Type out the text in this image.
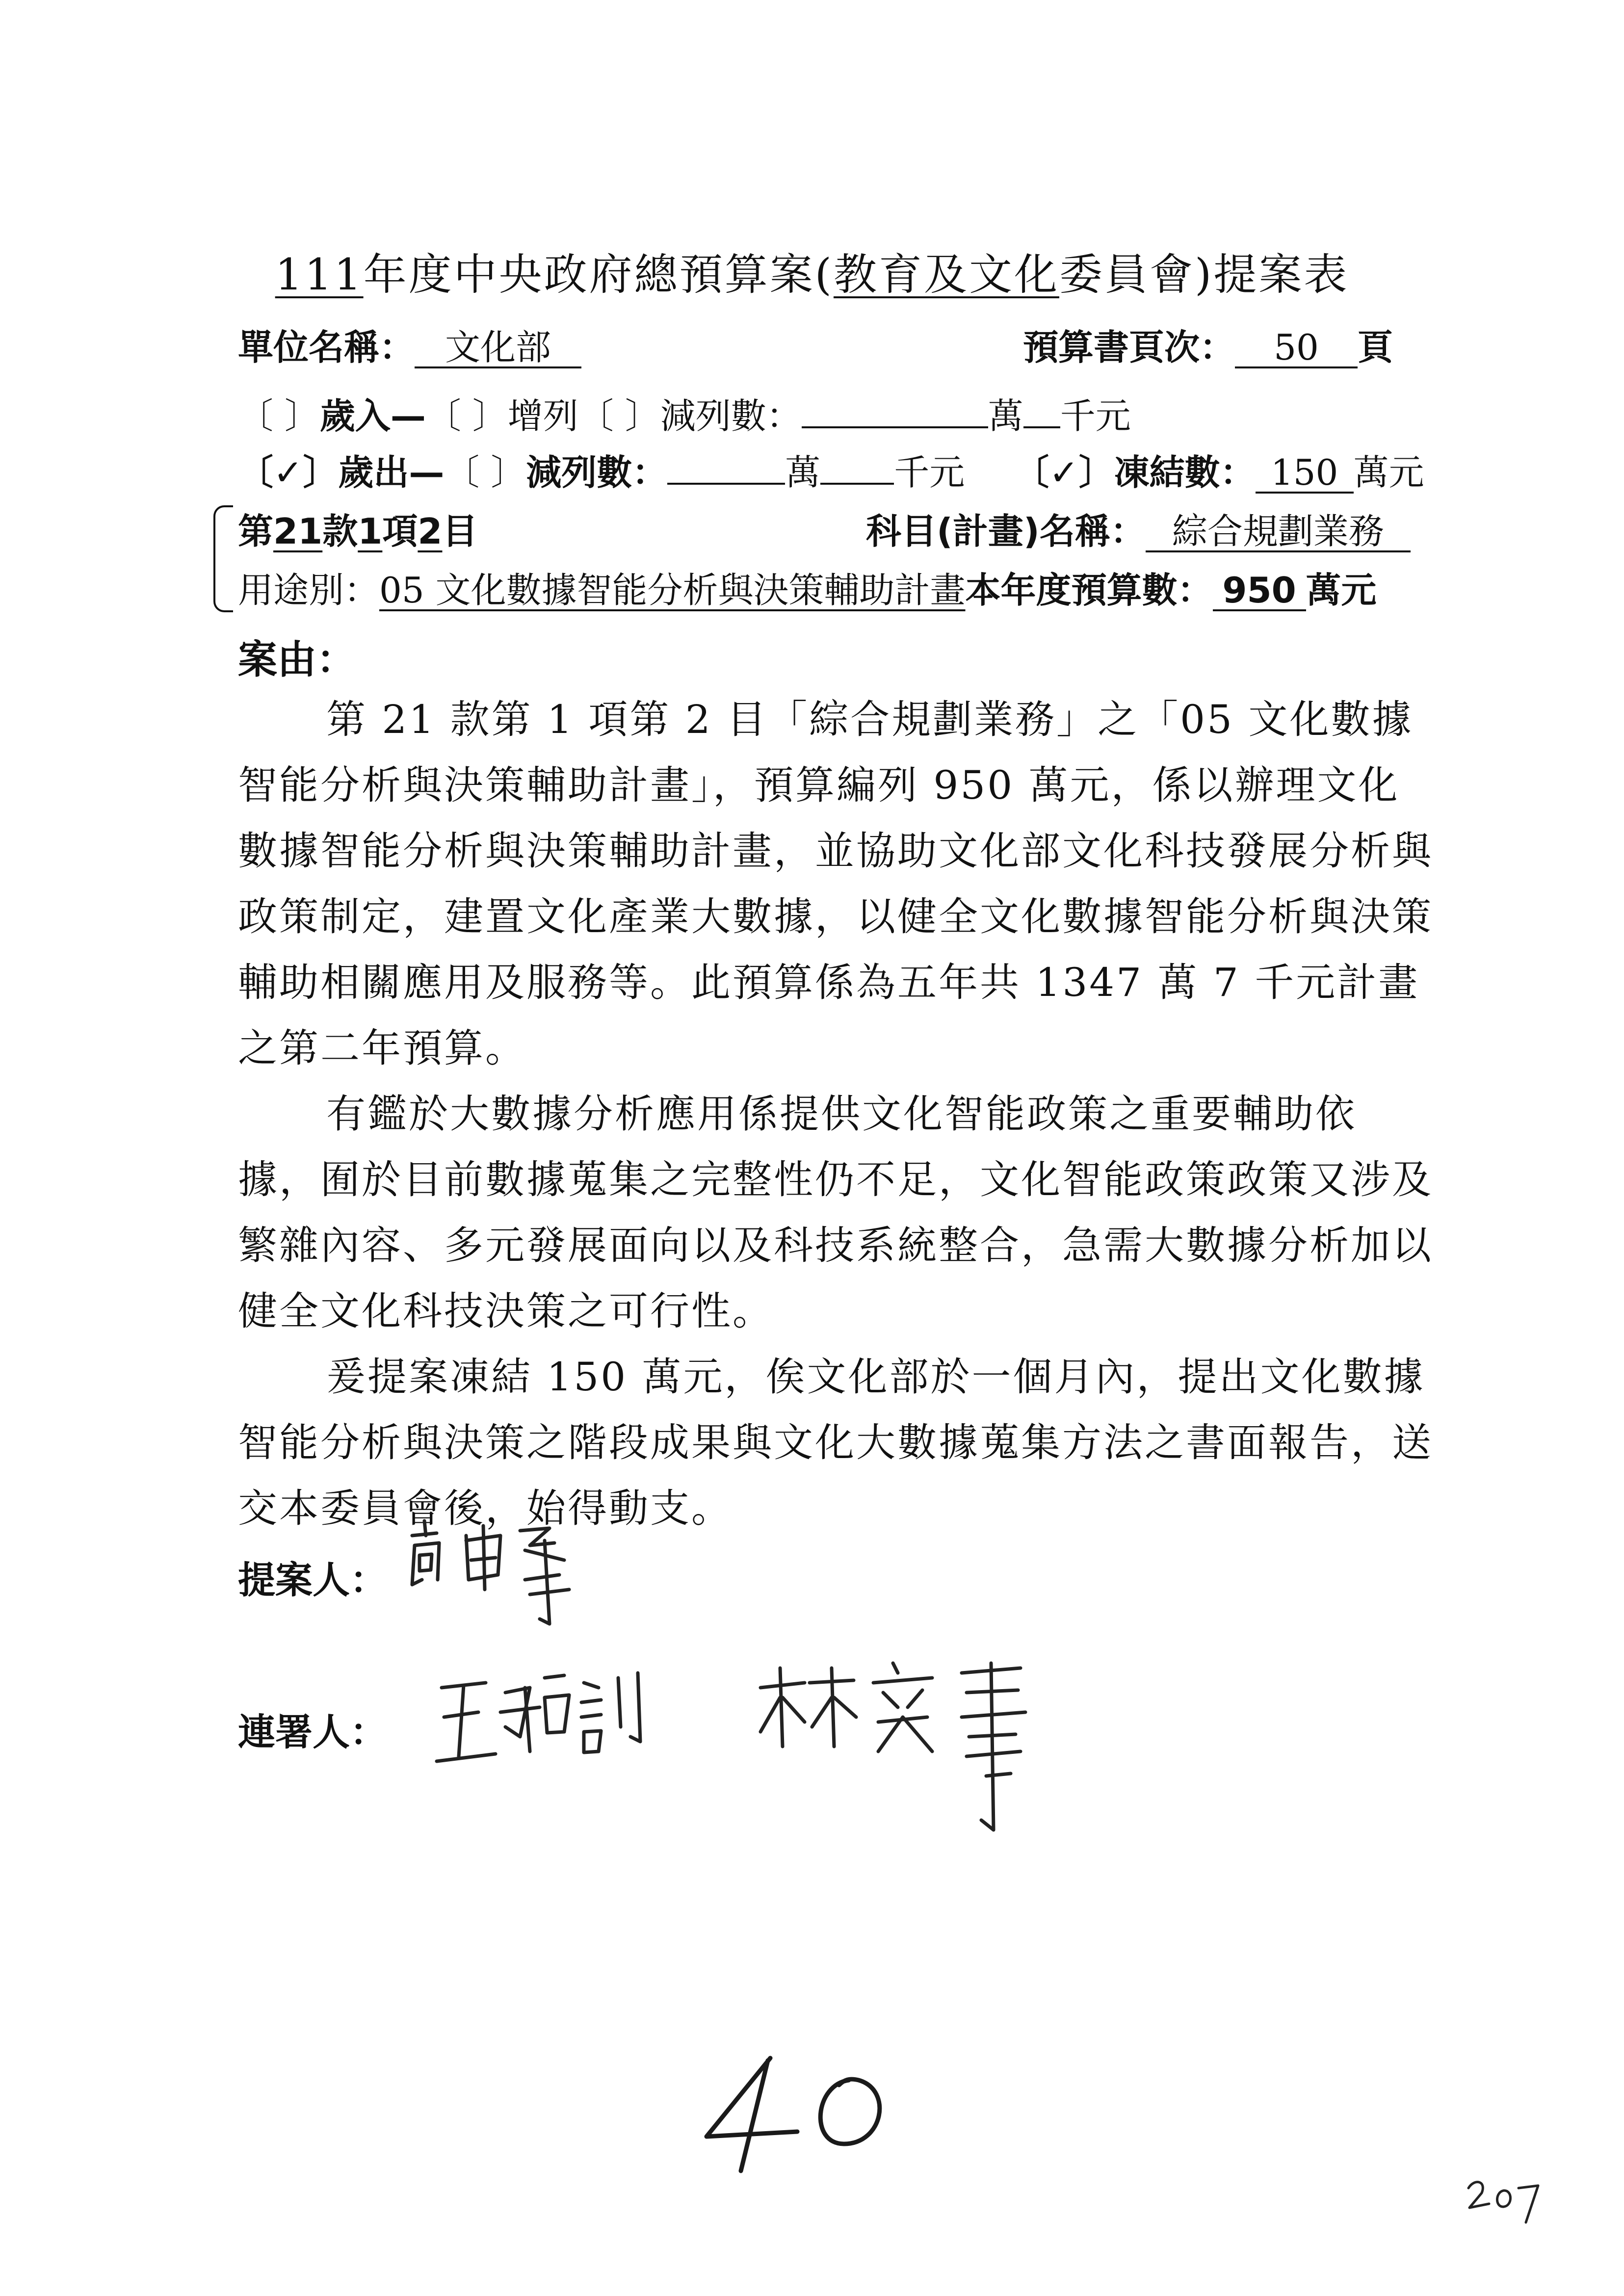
111年度中央政府總預算案(教育及文化委員會)提案表
單位名稱： 文化部	預算書頁次： 50 頁
〔 〕歲入—〔 〕增列〔 〕減列數：	萬 千元
〔✓〕歲出—〔 〕減列數：	萬 千元 〔✓〕凍結數： 150 萬元
第21款1項2目	科目(計畫)名稱： 綜合規劃業務
用途別：05 文化數據智能分析與決策輔助計畫本年度預算數： 950 萬元
案由：

第 21 款第 1 項第 2 目「綜合規劃業務」之「05 文化數據智能分析與決策輔助計畫」，預算編列 950 萬元，係以辦理文化數據智能分析與決策輔助計畫，並協助文化部文化科技發展分析與政策制定，建置文化產業大數據，以健全文化數據智能分析與決策輔助相關應用及服務等。此預算係為五年共 1347 萬 7 千元計畫之第二年預算。

有鑑於大數據分析應用係提供文化智能政策之重要輔助依據，囿於目前數據蒐集之完整性仍不足，文化智能政策政策又涉及繁雜內容、多元發展面向以及科技系統整合，急需大數據分析加以健全文化科技決策之可行性。

爰提案凍結 150 萬元，俟文化部於一個月內，提出文化數據智能分析與決策之階段成果與文化大數據蒐集方法之書面報告，送交本委員會後，始得動支。

提案人：
連署人：
